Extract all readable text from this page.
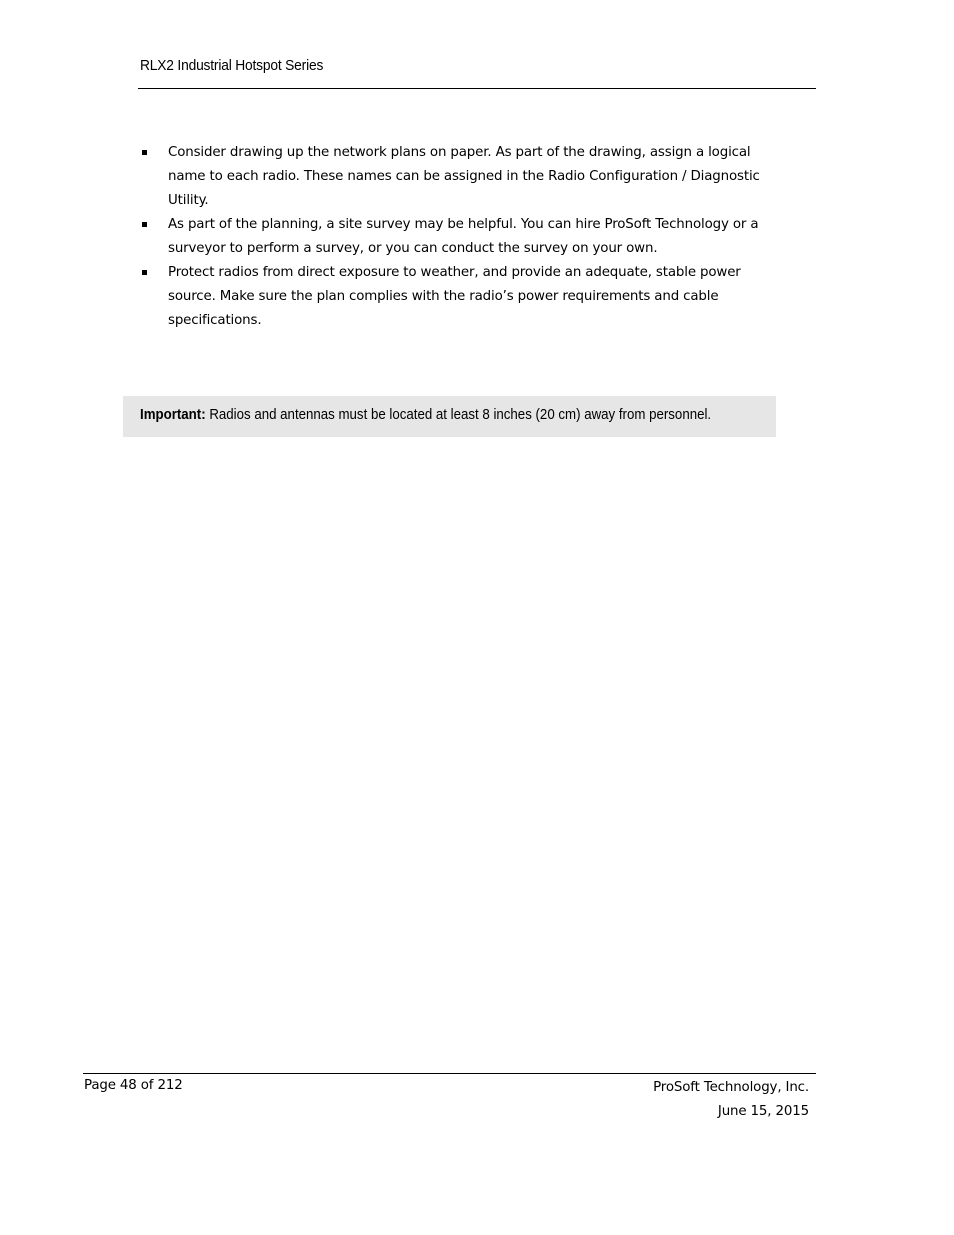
RLX2 Industrial Hotspot Series
Consider drawing up the network plans on paper. As part of the drawing, assign a logical name to each radio. These names can be assigned in the Radio Configuration / Diagnostic Utility.
As part of the planning, a site survey may be helpful. You can hire ProSoft Technology or a surveyor to perform a survey, or you can conduct the survey on your own.
Protect radios from direct exposure to weather, and provide an adequate, stable power source. Make sure the plan complies with the radio’s power requirements and cable specifications.
Important: Radios and antennas must be located at least 8 inches (20 cm) away from personnel.
Page 48 of 212	ProSoft Technology, Inc.
June 15, 2015
